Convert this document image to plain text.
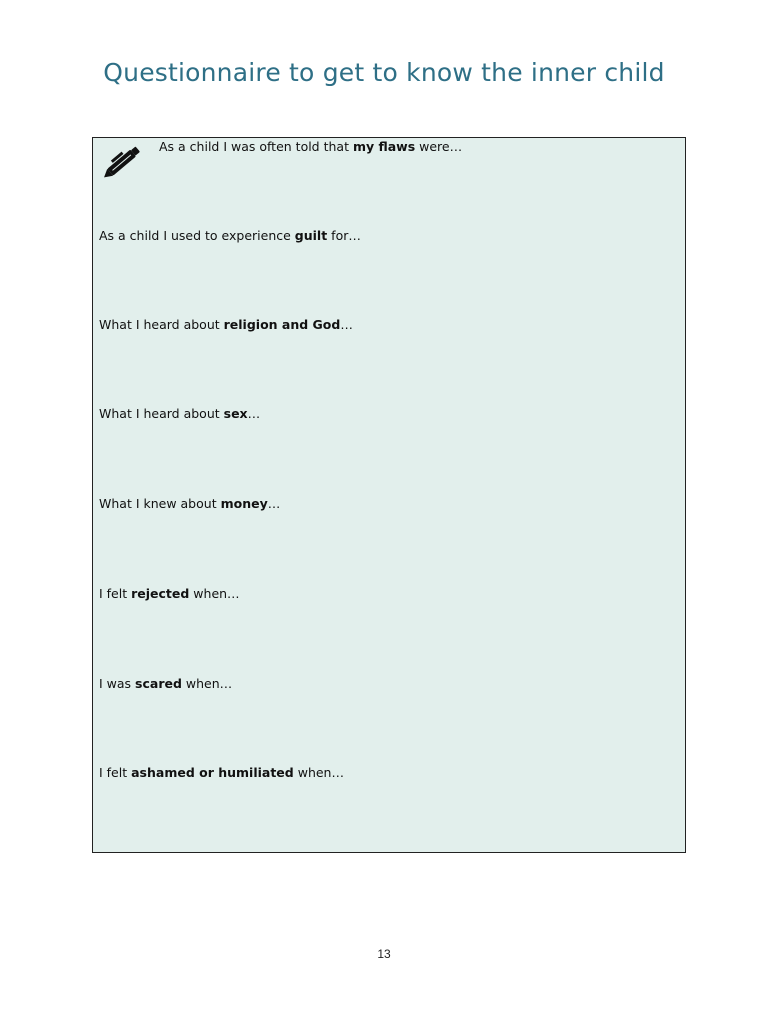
Questionnaire to get to know the inner child
As a child I was often told that my flaws were…
As a child I used to experience guilt for…
What I heard about religion and God…
What I heard about sex…
What I knew about money…
I felt rejected when…
I was scared when…
I felt ashamed or humiliated when…
13
